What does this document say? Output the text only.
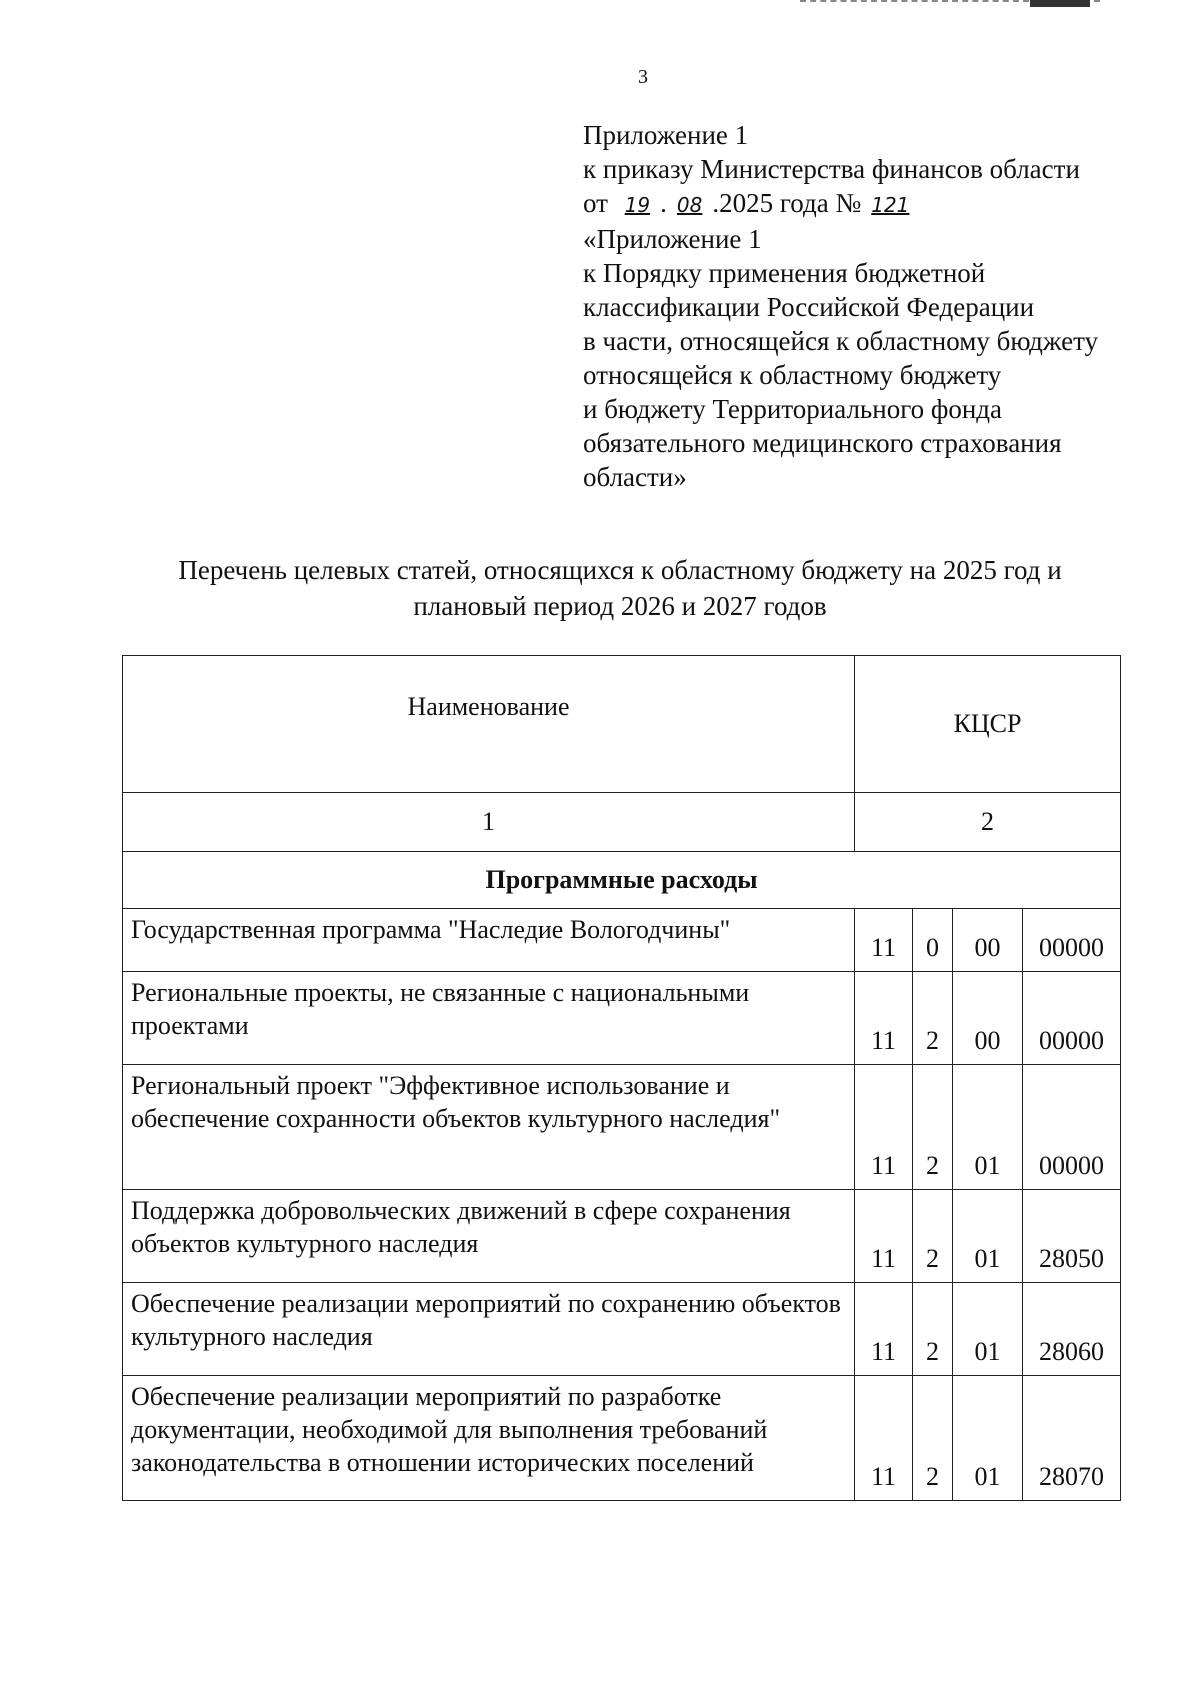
3
Приложение 1
к приказу Министерства финансов области
от 19 . 08 .2025 года № 121
«Приложение 1
к Порядку применения бюджетной
классификации Российской Федерации
в части, относящейся к областному бюджету
относящейся к областному бюджету
и бюджету Территориального фонда
обязательного медицинского страхования
области»
Перечень целевых статей, относящихся к областному бюджету на 2025 год и
плановый период 2026 и 2027 годов
Наименование	КЦСР			
1	2			
Программные расходы				
Государственная программа "Наследие Вологодчины"	11	0	00	00000
Региональные проекты, не связанные с национальными проектами	11	2	00	00000
Региональный проект "Эффективное использование и обеспечение сохранности объектов культурного наследия"	11	2	01	00000
Поддержка добровольческих движений в сфере сохранения объектов культурного наследия	11	2	01	28050
Обеспечение реализации мероприятий по сохранению объектов культурного наследия	11	2	01	28060
Обеспечение реализации мероприятий по разработке документации, необходимой для выполнения требований законодательства в отношении исторических поселений	11	2	01	28070
